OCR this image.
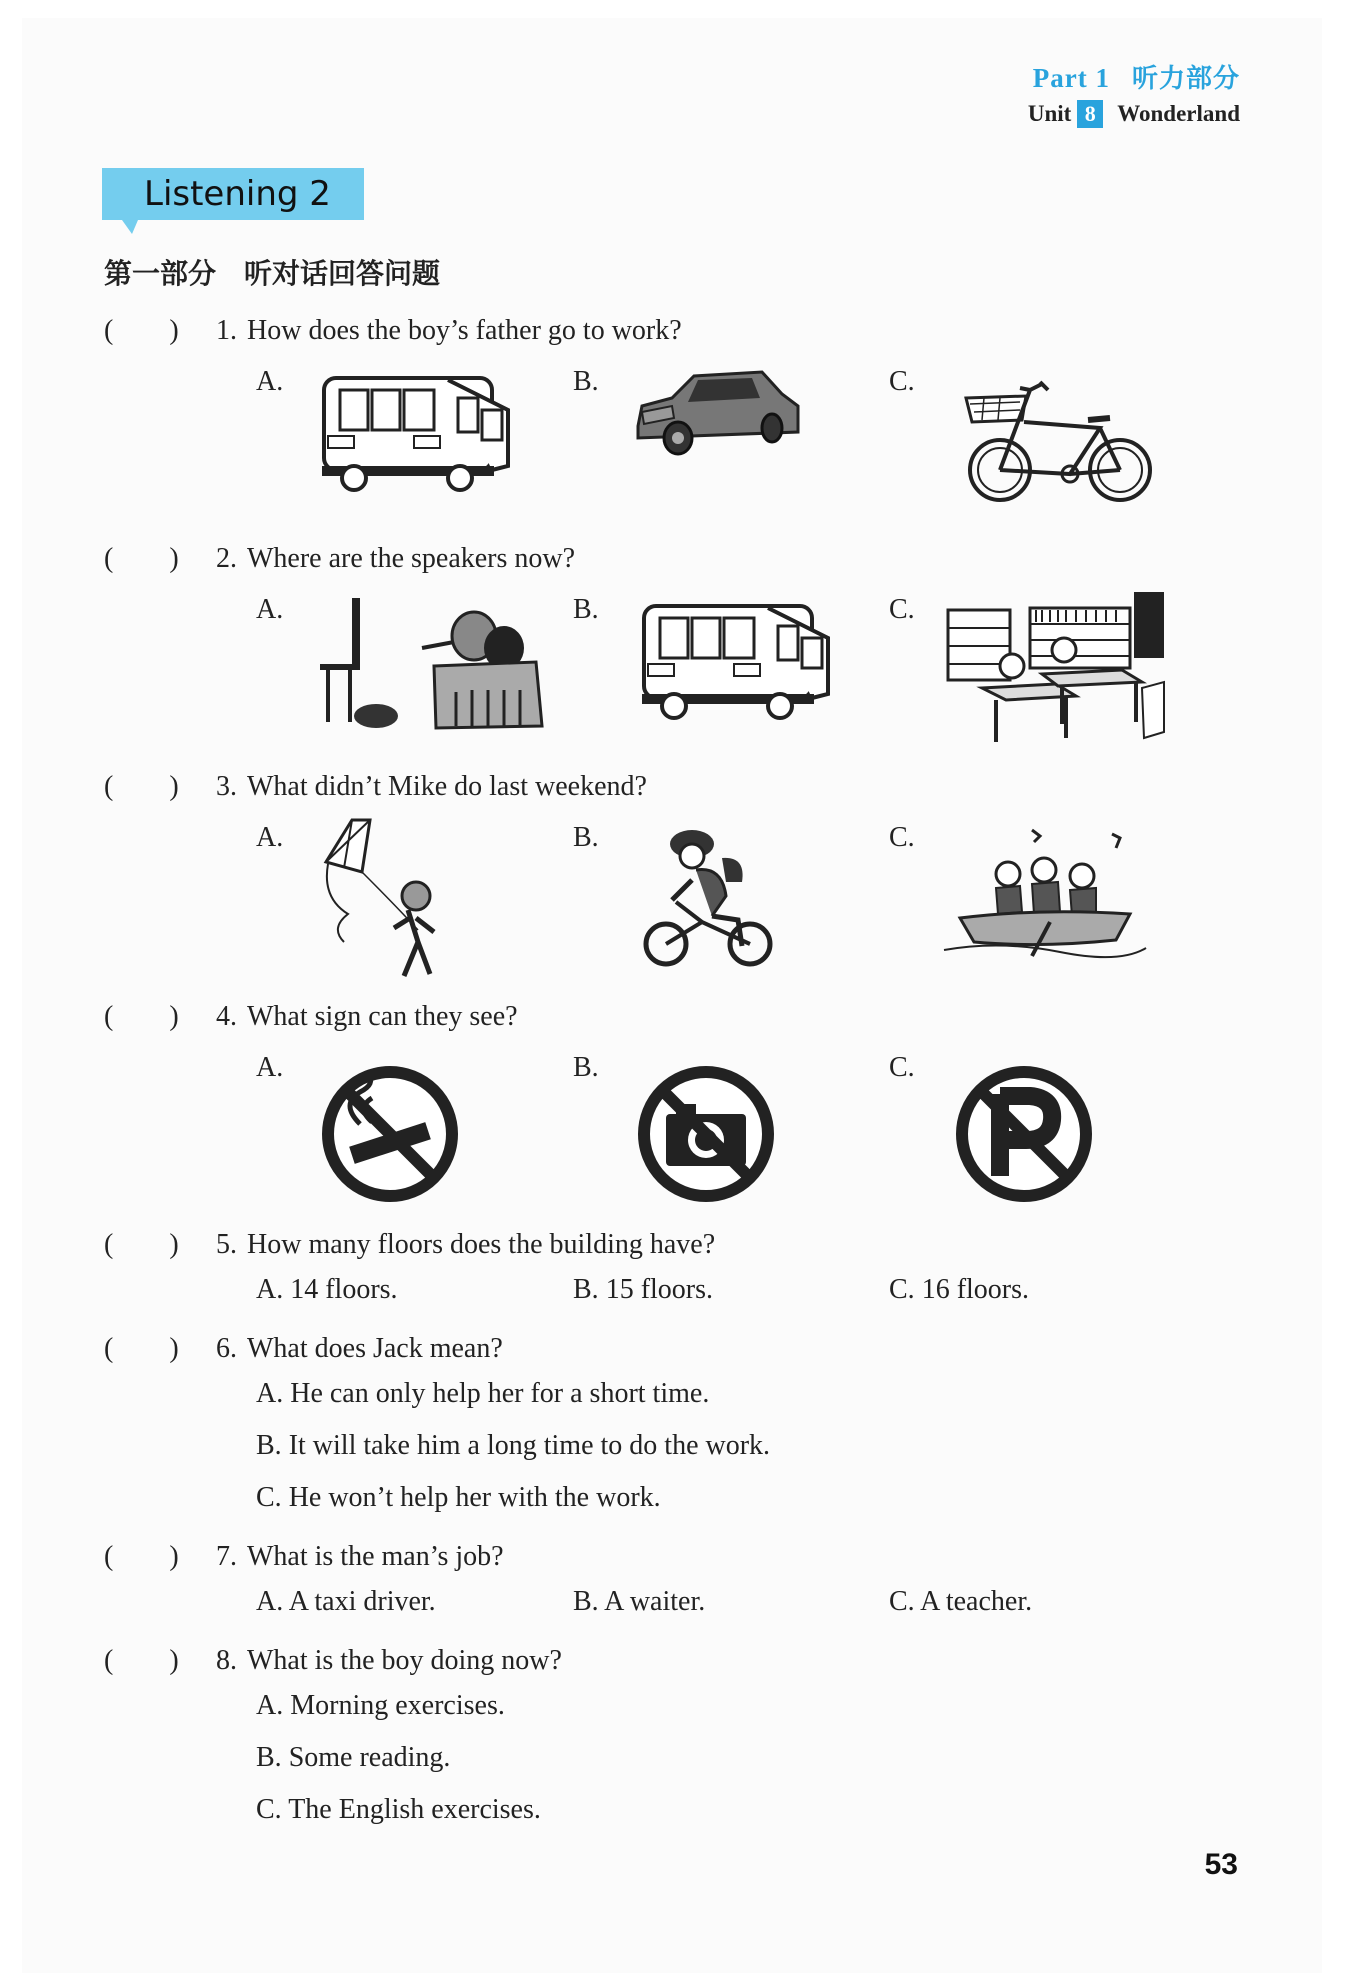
Part 1 听力部分
Unit 8 Wonderland
Listening 2
第一部分　听对话回答问题
(　　) 1. How does the boy’s father go to work?
A.	B.	C.
(　　) 2. Where are the speakers now?
A.	B.	C.
(　　) 3. What didn’t Mike do last weekend?
A.	B.	C.
(　　) 4. What sign can they see?
A.	B.	C.
(　　) 5. How many floors does the building have?
A. 14 floors.	B. 15 floors.	C. 16 floors.
(　　) 6. What does Jack mean?
A. He can only help her for a short time.
B. It will take him a long time to do the work.
C. He won’t help her with the work.
(　　) 7. What is the man’s job?
A. A taxi driver.	B. A waiter.	C. A teacher.
(　　) 8. What is the boy doing now?
A. Morning exercises.
B. Some reading.
C. The English exercises.
53
